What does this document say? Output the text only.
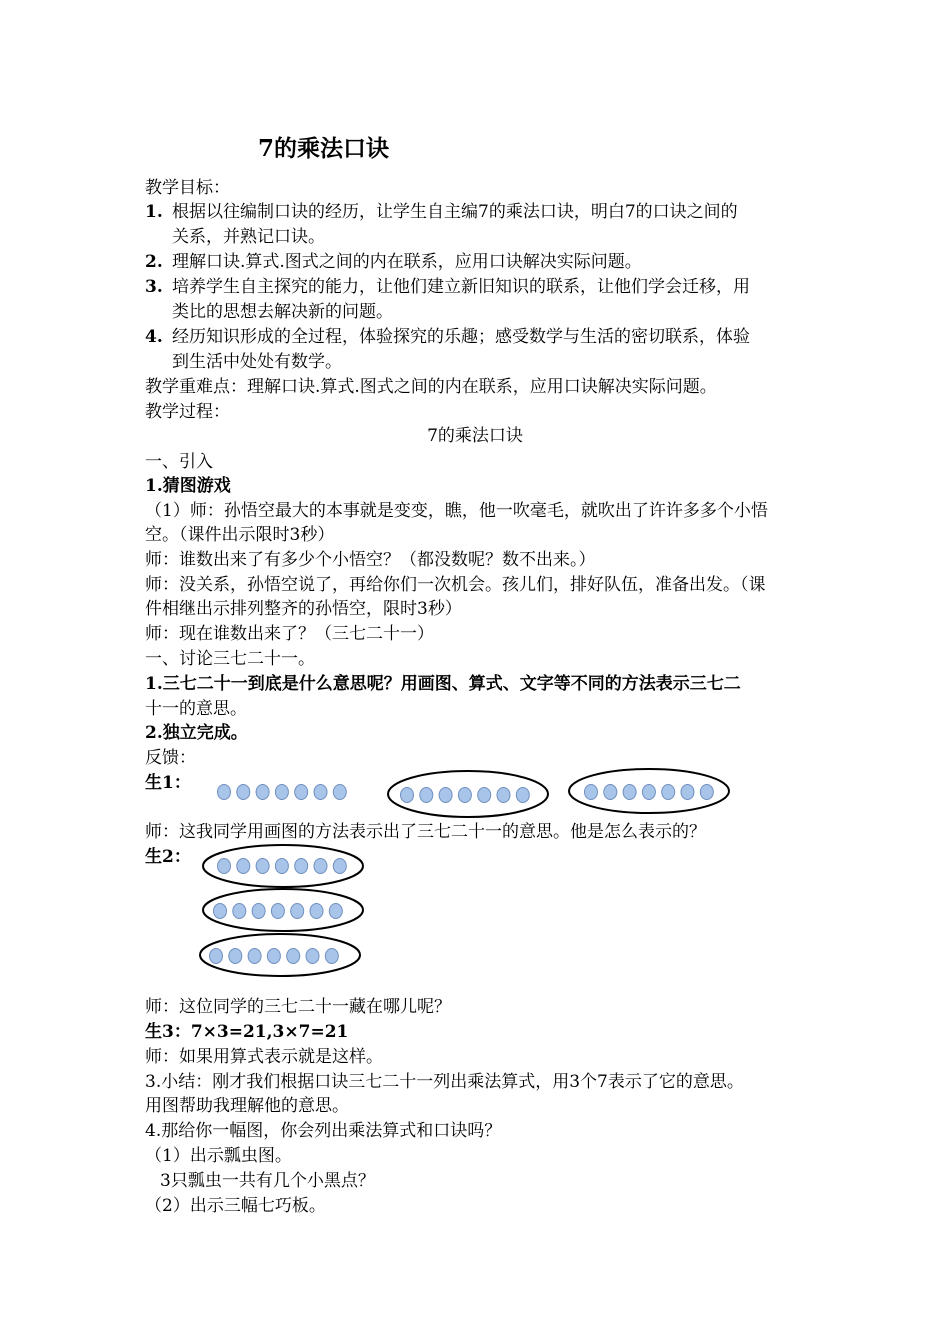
7的乘法口诀
教学目标：
1. 根据以往编制口诀的经历，让学生自主编7的乘法口诀，明白7的口诀之间的
关系，并熟记口诀。
2. 理解口诀.算式.图式之间的内在联系，应用口诀解决实际问题。
3. 培养学生自主探究的能力，让他们建立新旧知识的联系，让他们学会迁移，用
类比的思想去解决新的问题。
4. 经历知识形成的全过程，体验探究的乐趣；感受数学与生活的密切联系，体验
到生活中处处有数学。
教学重难点：理解口诀.算式.图式之间的内在联系，应用口诀解决实际问题。
教学过程：
7的乘法口诀
一、引入
1.猜图游戏
（1）师：孙悟空最大的本事就是变变，瞧，他一吹毫毛，就吹出了许许多多个小悟
空。（课件出示限时3秒）
师：谁数出来了有多少个小悟空？（都没数呢？数不出来。）
师：没关系，孙悟空说了，再给你们一次机会。孩儿们，排好队伍，准备出发。（课
件相继出示排列整齐的孙悟空，限时3秒）
师：现在谁数出来了？（三七二十一）
一、讨论三七二十一。
1.三七二十一到底是什么意思呢？用画图、算式、文字等不同的方法表示三七二
十一的意思。
2.独立完成。
反馈：
生1：
师：这我同学用画图的方法表示出了三七二十一的意思。他是怎么表示的？
生2：
师：这位同学的三七二十一藏在哪儿呢？
生3：7×3=21,3×7=21
师：如果用算式表示就是这样。
3.小结：刚才我们根据口诀三七二十一列出乘法算式，用3个7表示了它的意思。
用图帮助我理解他的意思。
4.那给你一幅图，你会列出乘法算式和口诀吗？
（1）出示瓢虫图。
3只瓢虫一共有几个小黑点？
（2）出示三幅七巧板。
